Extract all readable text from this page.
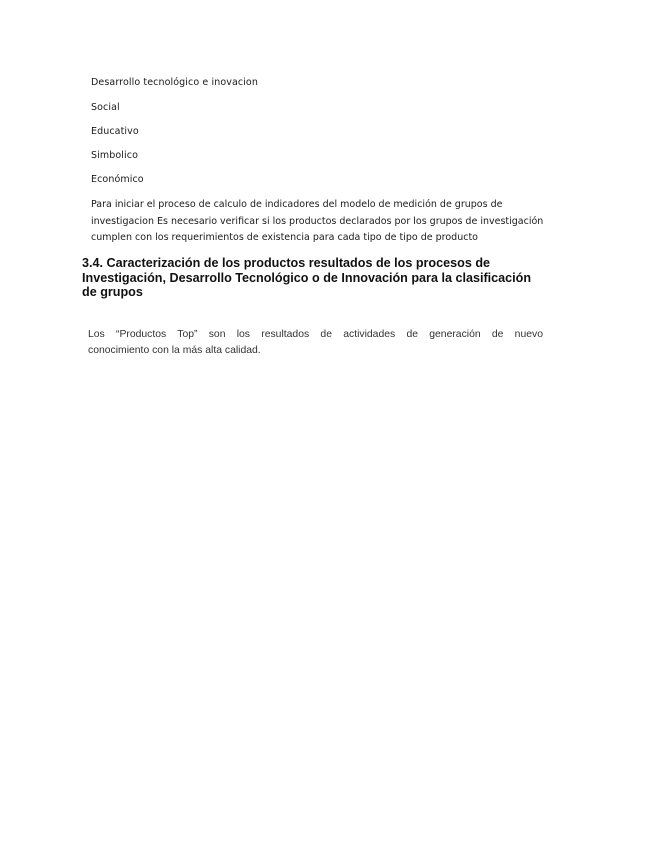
Desarrollo tecnológico e inovacion
Social
Educativo
Simbolico
Económico
Para iniciar el proceso de calculo de indicadores del modelo de medición de grupos de
investigacion Es necesario verificar si los productos declarados por los grupos de investigación
cumplen con los requerimientos de existencia para cada tipo de tipo de producto
3.4. Caracterización de los productos resultados de los procesos de
Investigación, Desarrollo Tecnológico o de Innovación para la clasificación
de grupos
Los “Productos Top” son los resultados de actividades de generación de nuevo
conocimiento con la más alta calidad.
